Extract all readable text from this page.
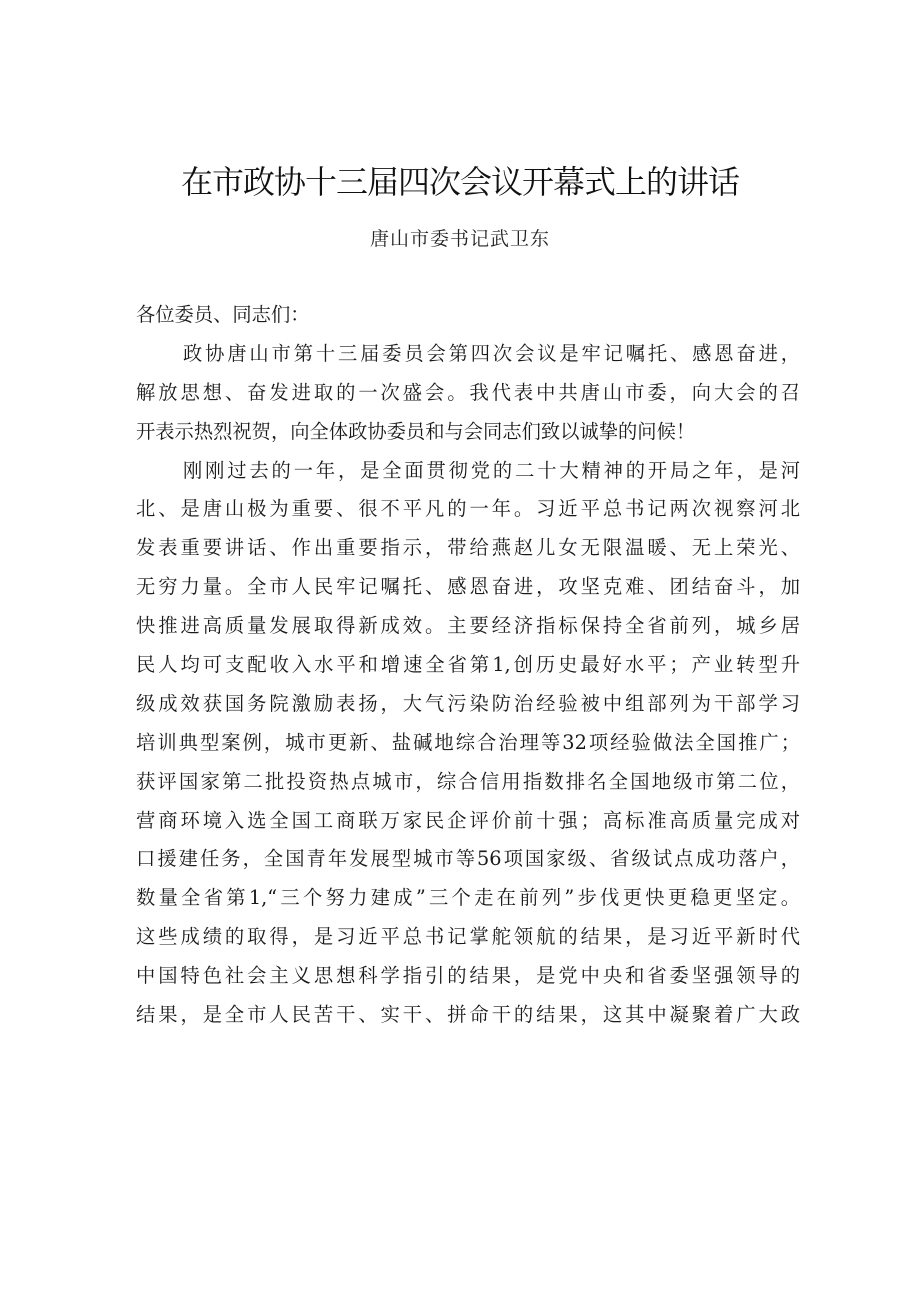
在市政协十三届四次会议开幕式上的讲话
唐山市委书记武卫东
各位委员、同志们：
政协唐山市第十三届委员会第四次会议是牢记嘱托、感恩奋进，
解放思想、奋发进取的一次盛会。我代表中共唐山市委，向大会的召
开表示热烈祝贺，向全体政协委员和与会同志们致以诚挚的问候！
刚刚过去的一年，是全面贯彻党的二十大精神的开局之年，是河
北、是唐山极为重要、很不平凡的一年。习近平总书记两次视察河北
发表重要讲话、作出重要指示，带给燕赵儿女无限温暖、无上荣光、
无穷力量。全市人民牢记嘱托、感恩奋进，攻坚克难、团结奋斗，加
快推进高质量发展取得新成效。主要经济指标保持全省前列，城乡居
民人均可支配收入水平和增速全省第1,创历史最好水平；产业转型升
级成效获国务院激励表扬，大气污染防治经验被中组部列为干部学习
培训典型案例，城市更新、盐碱地综合治理等32项经验做法全国推广；
获评国家第二批投资热点城市，综合信用指数排名全国地级市第二位，
营商环境入选全国工商联万家民企评价前十强；高标准高质量完成对
口援建任务，全国青年发展型城市等56项国家级、省级试点成功落户，
数量全省第1,“三个努力建成”三个走在前列”步伐更快更稳更坚定。
这些成绩的取得，是习近平总书记掌舵领航的结果，是习近平新时代
中国特色社会主义思想科学指引的结果，是党中央和省委坚强领导的
结果，是全市人民苦干、实干、拼命干的结果，这其中凝聚着广大政
